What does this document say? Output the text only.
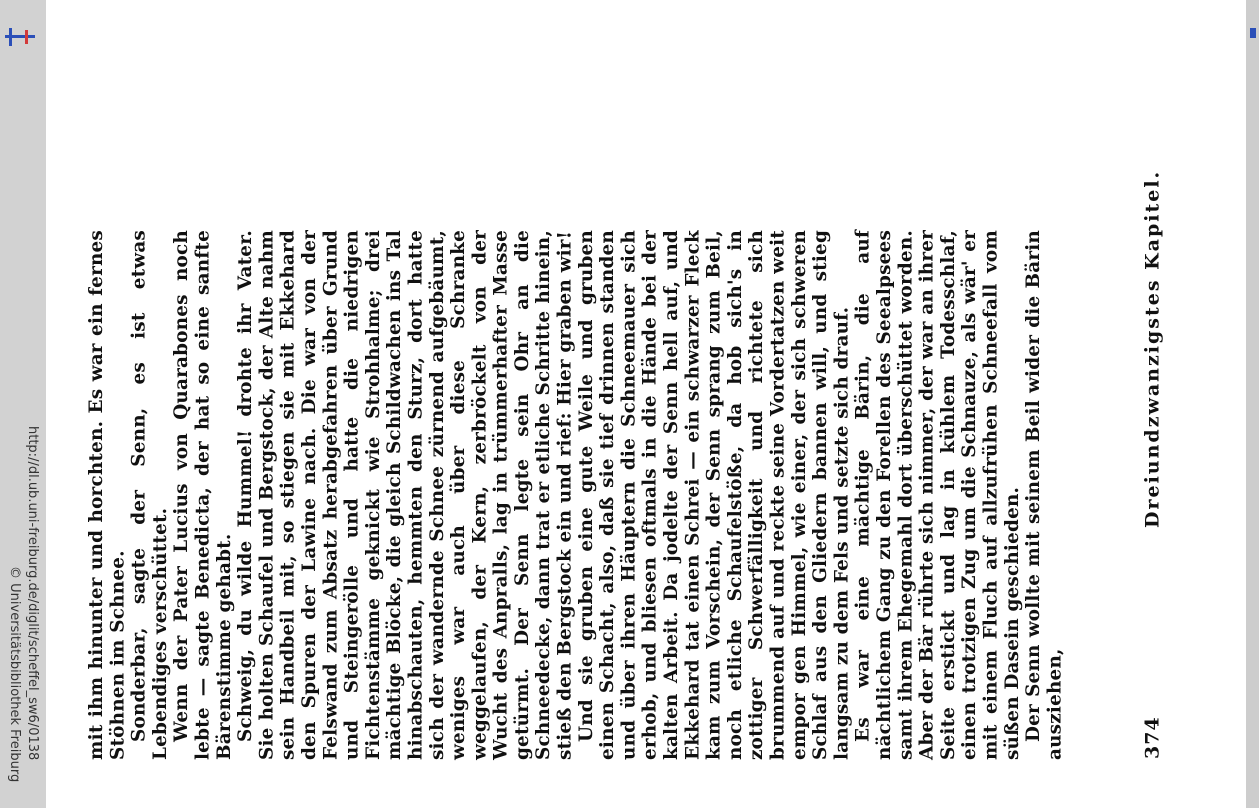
http://dl.ub.uni-freiburg.de/diglit/scheffel_sw6/0138
© Universitätsbibliothek Freiburg	374
Dreiundzwanzigstes Kapitel.

mit ihm hinunter und horchten. Es war ein fernes Stöhnen im Schnee. Sonderbar, sagte der Senn, es ist etwas Lebendiges verschüttet. Wenn der Pater Lucius von Quarabones noch lebte — sagte Benedicta, der hat so eine sanfte Bärenstimme gehabt. Schweig, du wilde Hummel! drohte ihr Vater. Sie holten Schaufel und Bergstock, der Alte nahm sein Handbeil mit, so stiegen sie mit Ekkehard den Spuren der Lawine nach. Die war von der Felswand zum Absatz herabgefahren über Grund und Steingerölle und hatte die niedrigen Fichtenstämme geknickt wie Strohhalme; drei mächtige Blöcke, die gleich Schildwachen ins Tal hinabschauten, hemmten den Sturz, dort hatte sich der wandernde Schnee zürnend aufgebäumt, weniges war auch über diese Schranke weggelaufen, der Kern, zerbröckelt von der Wucht des Anpralls, lag in trümmerhafter Masse getürmt. Der Senn legte sein Ohr an die Schneedecke, dann trat er etliche Schritte hinein, stieß den Bergstock ein und rief: Hier graben wir! Und sie gruben eine gute Weile und gruben einen Schacht, also, daß sie tief drinnen standen und über ihren Häuptern die Schneemauer sich erhob, und bliesen oftmals in die Hände bei der kalten Arbeit. Da jodelte der Senn hell auf, und Ekkehard tat einen Schrei — ein schwarzer Fleck kam zum Vorschein, der Senn sprang zum Beil, noch etliche Schaufelstöße, da hob sich's in zottiger Schwerfälligkeit und richtete sich brummend auf und reckte seine Vordertatzen weit empor gen Himmel, wie einer, der sich schweren Schlaf aus den Gliedern bannen will, und stieg langsam zu dem Fels und setzte sich drauf. Es war eine mächtige Bärin, die auf nächtlichem Gang zu den Forellen des Seealpsees samt ihrem Ehegemahl dort überschüttet worden. Aber der Bär rührte sich nimmer, der war an ihrer Seite erstickt und lag in kühlem Todesschlaf, einen trotzigen Zug um die Schnauze, als wär' er mit einem Fluch auf allzufrühen Schneefall vom süßen Dasein geschieden. Der Senn wollte mit seinem Beil wider die Bärin ausziehen,
